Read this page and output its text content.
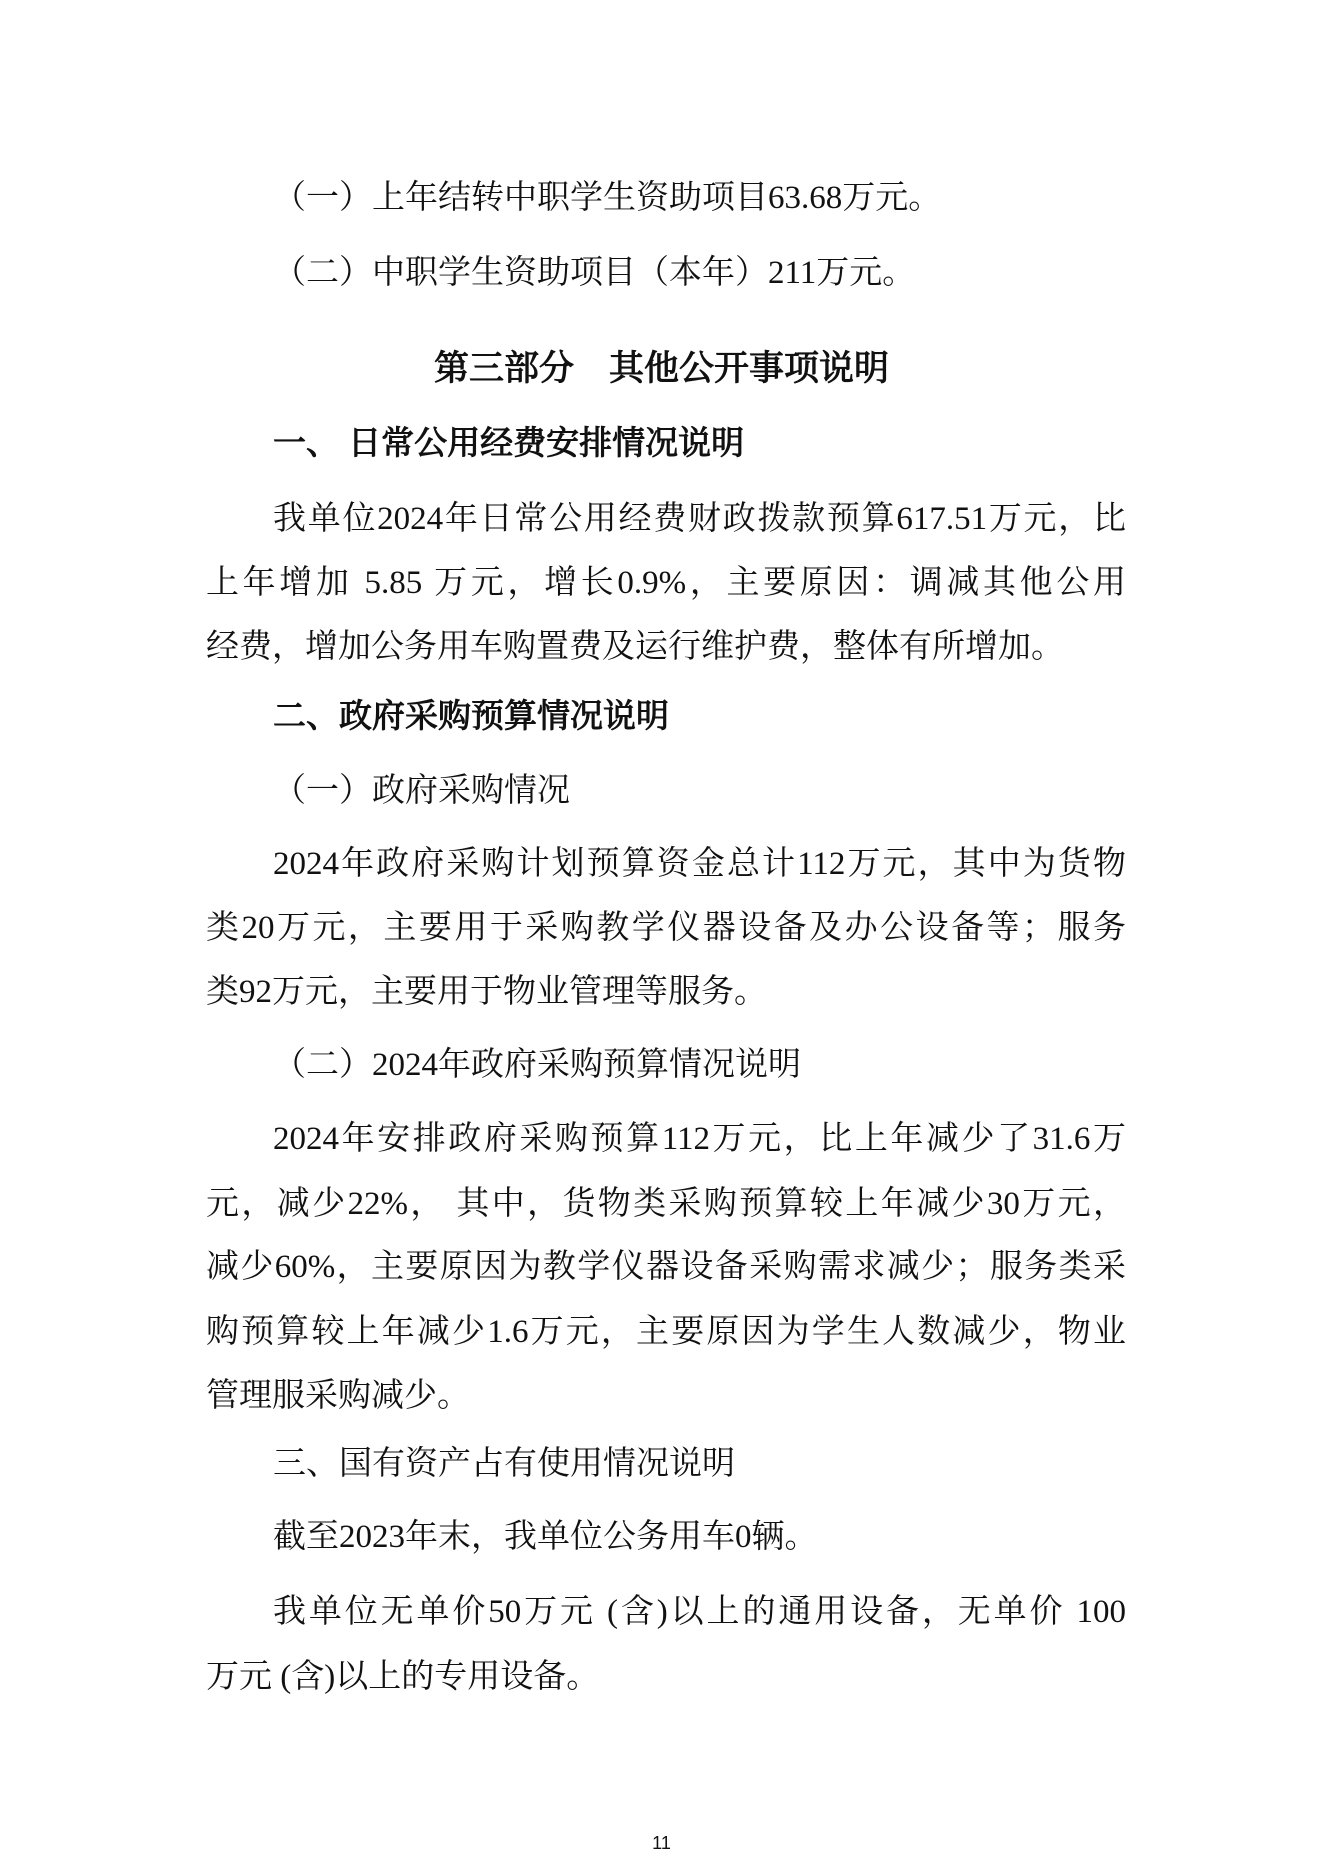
（一）上年结转中职学生资助项目63.68万元。
（二）中职学生资助项目（本年）211万元。
第三部分　其他公开事项说明
一、 日常公用经费安排情况说明
我单位2024年日常公用经费财政拨款预算617.51万元，比
上年增加 5.85 万元，增长0.9%，主要原因：调减其他公用
经费，增加公务用车购置费及运行维护费，整体有所增加。
二、政府采购预算情况说明
（一）政府采购情况
2024年政府采购计划预算资金总计112万元，其中为货物
类20万元，主要用于采购教学仪器设备及办公设备等；服务
类92万元，主要用于物业管理等服务。
（二）2024年政府采购预算情况说明
2024年安排政府采购预算112万元，比上年减少了31.6万
元，减少22%， 其中，货物类采购预算较上年减少30万元，
减少60%，主要原因为教学仪器设备采购需求减少；服务类采
购预算较上年减少1.6万元，主要原因为学生人数减少，物业
管理服采购减少。
三、国有资产占有使用情况说明
截至2023年末，我单位公务用车0辆。
我单位无单价50万元 (含)以上的通用设备，无单价 100
万元 (含)以上的专用设备。
11
